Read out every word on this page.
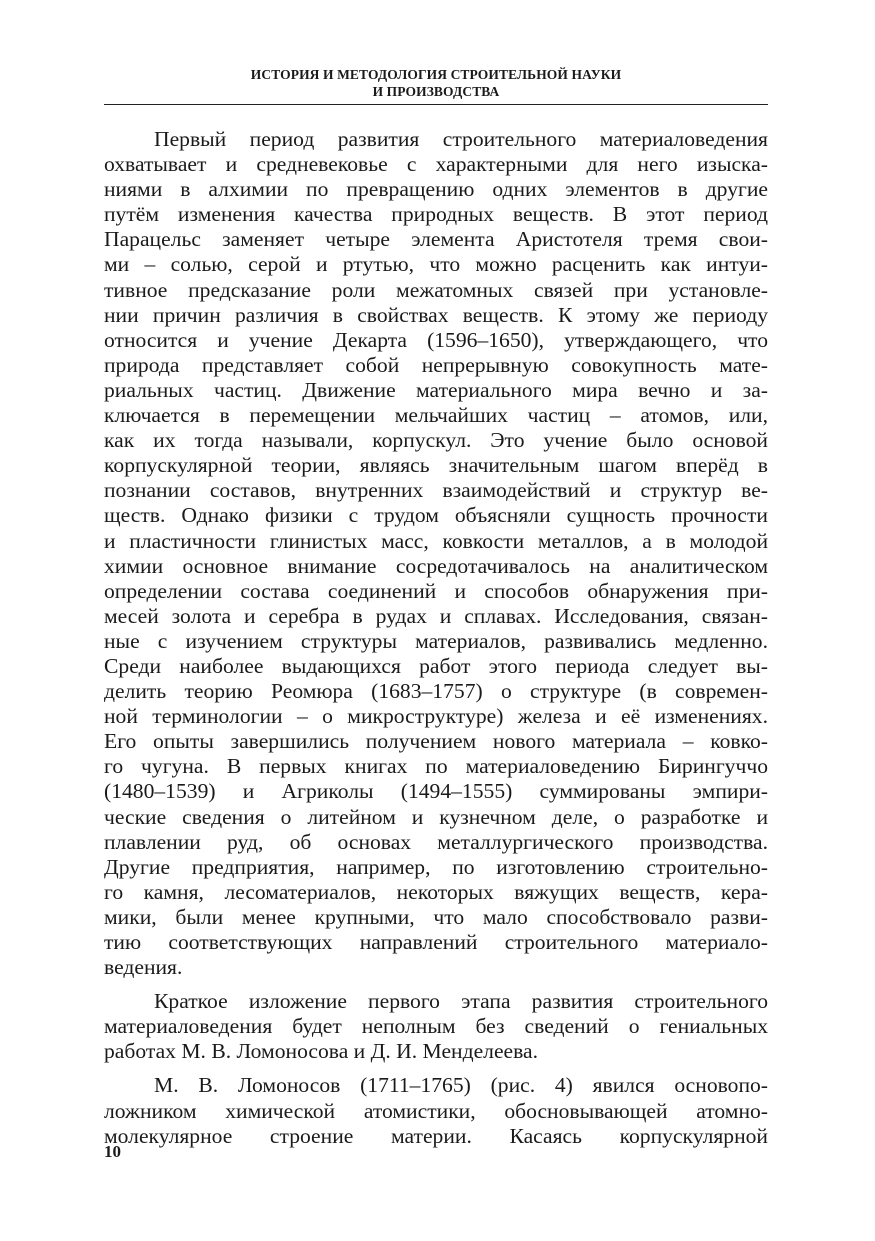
ИСТОРИЯ И МЕТОДОЛОГИЯ СТРОИТЕЛЬНОЙ НАУКИ
И ПРОИЗВОДСТВА
Первый период развития строительного материаловедения
охватывает и средневековье с характерными для него изыска-
ниями в алхимии по превращению одних элементов в другие
путём изменения качества природных веществ. В этот период
Парацельс заменяет четыре элемента Аристотеля тремя свои-
ми – солью, серой и ртутью, что можно расценить как интуи-
тивное предсказание роли межатомных связей при установле-
нии причин различия в свойствах веществ. К этому же периоду
относится и учение Декарта (1596–1650), утверждающего, что
природа представляет собой непрерывную совокупность мате-
риальных частиц. Движение материального мира вечно и за-
ключается в перемещении мельчайших частиц – атомов, или,
как их тогда называли, корпускул. Это учение было основой
корпускулярной теории, являясь значительным шагом вперёд в
познании составов, внутренних взаимодействий и структур ве-
ществ. Однако физики с трудом объясняли сущность прочности
и пластичности глинистых масс, ковкости металлов, а в молодой
химии основное внимание сосредотачивалось на аналитическом
определении состава соединений и способов обнаружения при-
месей золота и серебра в рудах и сплавах. Исследования, связан-
ные с изучением структуры материалов, развивались медленно.
Среди наиболее выдающихся работ этого периода следует вы-
делить теорию Реомюра (1683–1757) о структуре (в современ-
ной терминологии – о микроструктуре) железа и её изменениях.
Его опыты завершились получением нового материала – ковко-
го чугуна. В первых книгах по материаловедению Бирингуччо
(1480–1539) и Агриколы (1494–1555) суммированы эмпири-
ческие сведения о литейном и кузнечном деле, о разработке и
плавлении руд, об основах металлургического производства.
Другие предприятия, например, по изготовлению строительно-
го камня, лесоматериалов, некоторых вяжущих веществ, кера-
мики, были менее крупными, что мало способствовало разви-
тию соответствующих направлений строительного материало-
ведения.
Краткое изложение первого этапа развития строительного
материаловедения будет неполным без сведений о гениальных
работах М. В. Ломоносова и Д. И. Менделеева.
М. В. Ломоносов (1711–1765) (рис. 4) явился основопо-
ложником химической атомистики, обосновывающей атомно-
молекулярное строение материи. Касаясь корпускулярной
10
